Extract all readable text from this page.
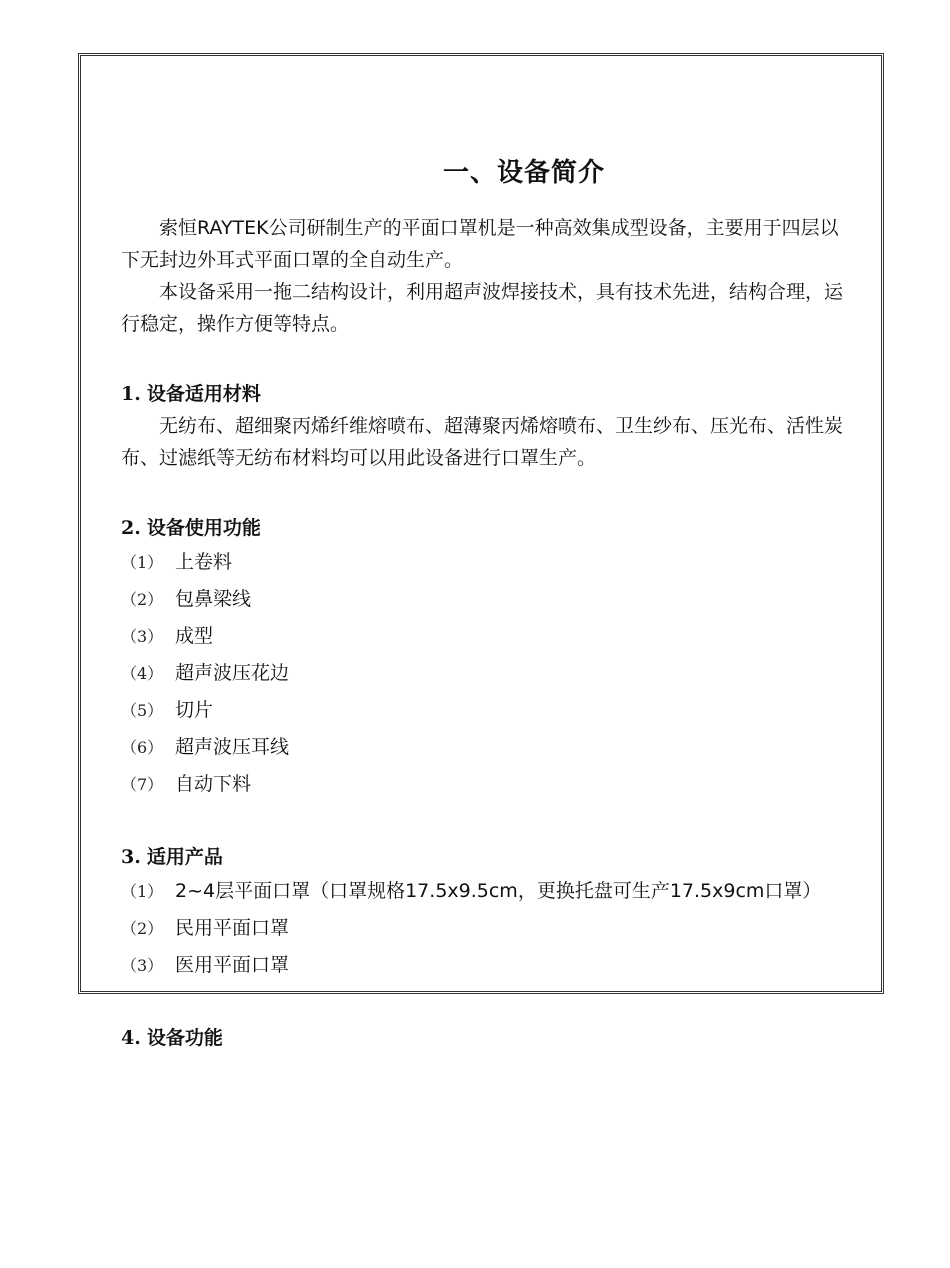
一、设备简介

索恒RAYTEK公司研制生产的平面口罩机是一种高效集成型设备，主要用于四层以下无封边外耳式平面口罩的全自动生产。

本设备采用一拖二结构设计，利用超声波焊接技术，具有技术先进，结构合理，运行稳定，操作方便等特点。

1. 设备适用材料

无纺布、超细聚丙烯纤维熔喷布、超薄聚丙烯熔喷布、卫生纱布、压光布、活性炭布、过滤纸等无纺布材料均可以用此设备进行口罩生产。

2. 设备使用功能
（1） 上卷料
（2） 包鼻梁线
（3） 成型
（4） 超声波压花边
（5） 切片
（6） 超声波压耳线
（7） 自动下料
3. 适用产品
（1） 2~4层平面口罩（口罩规格17.5x9.5cm，更换托盘可生产17.5x9cm口罩）
（2） 民用平面口罩
（3） 医用平面口罩
4. 设备功能
